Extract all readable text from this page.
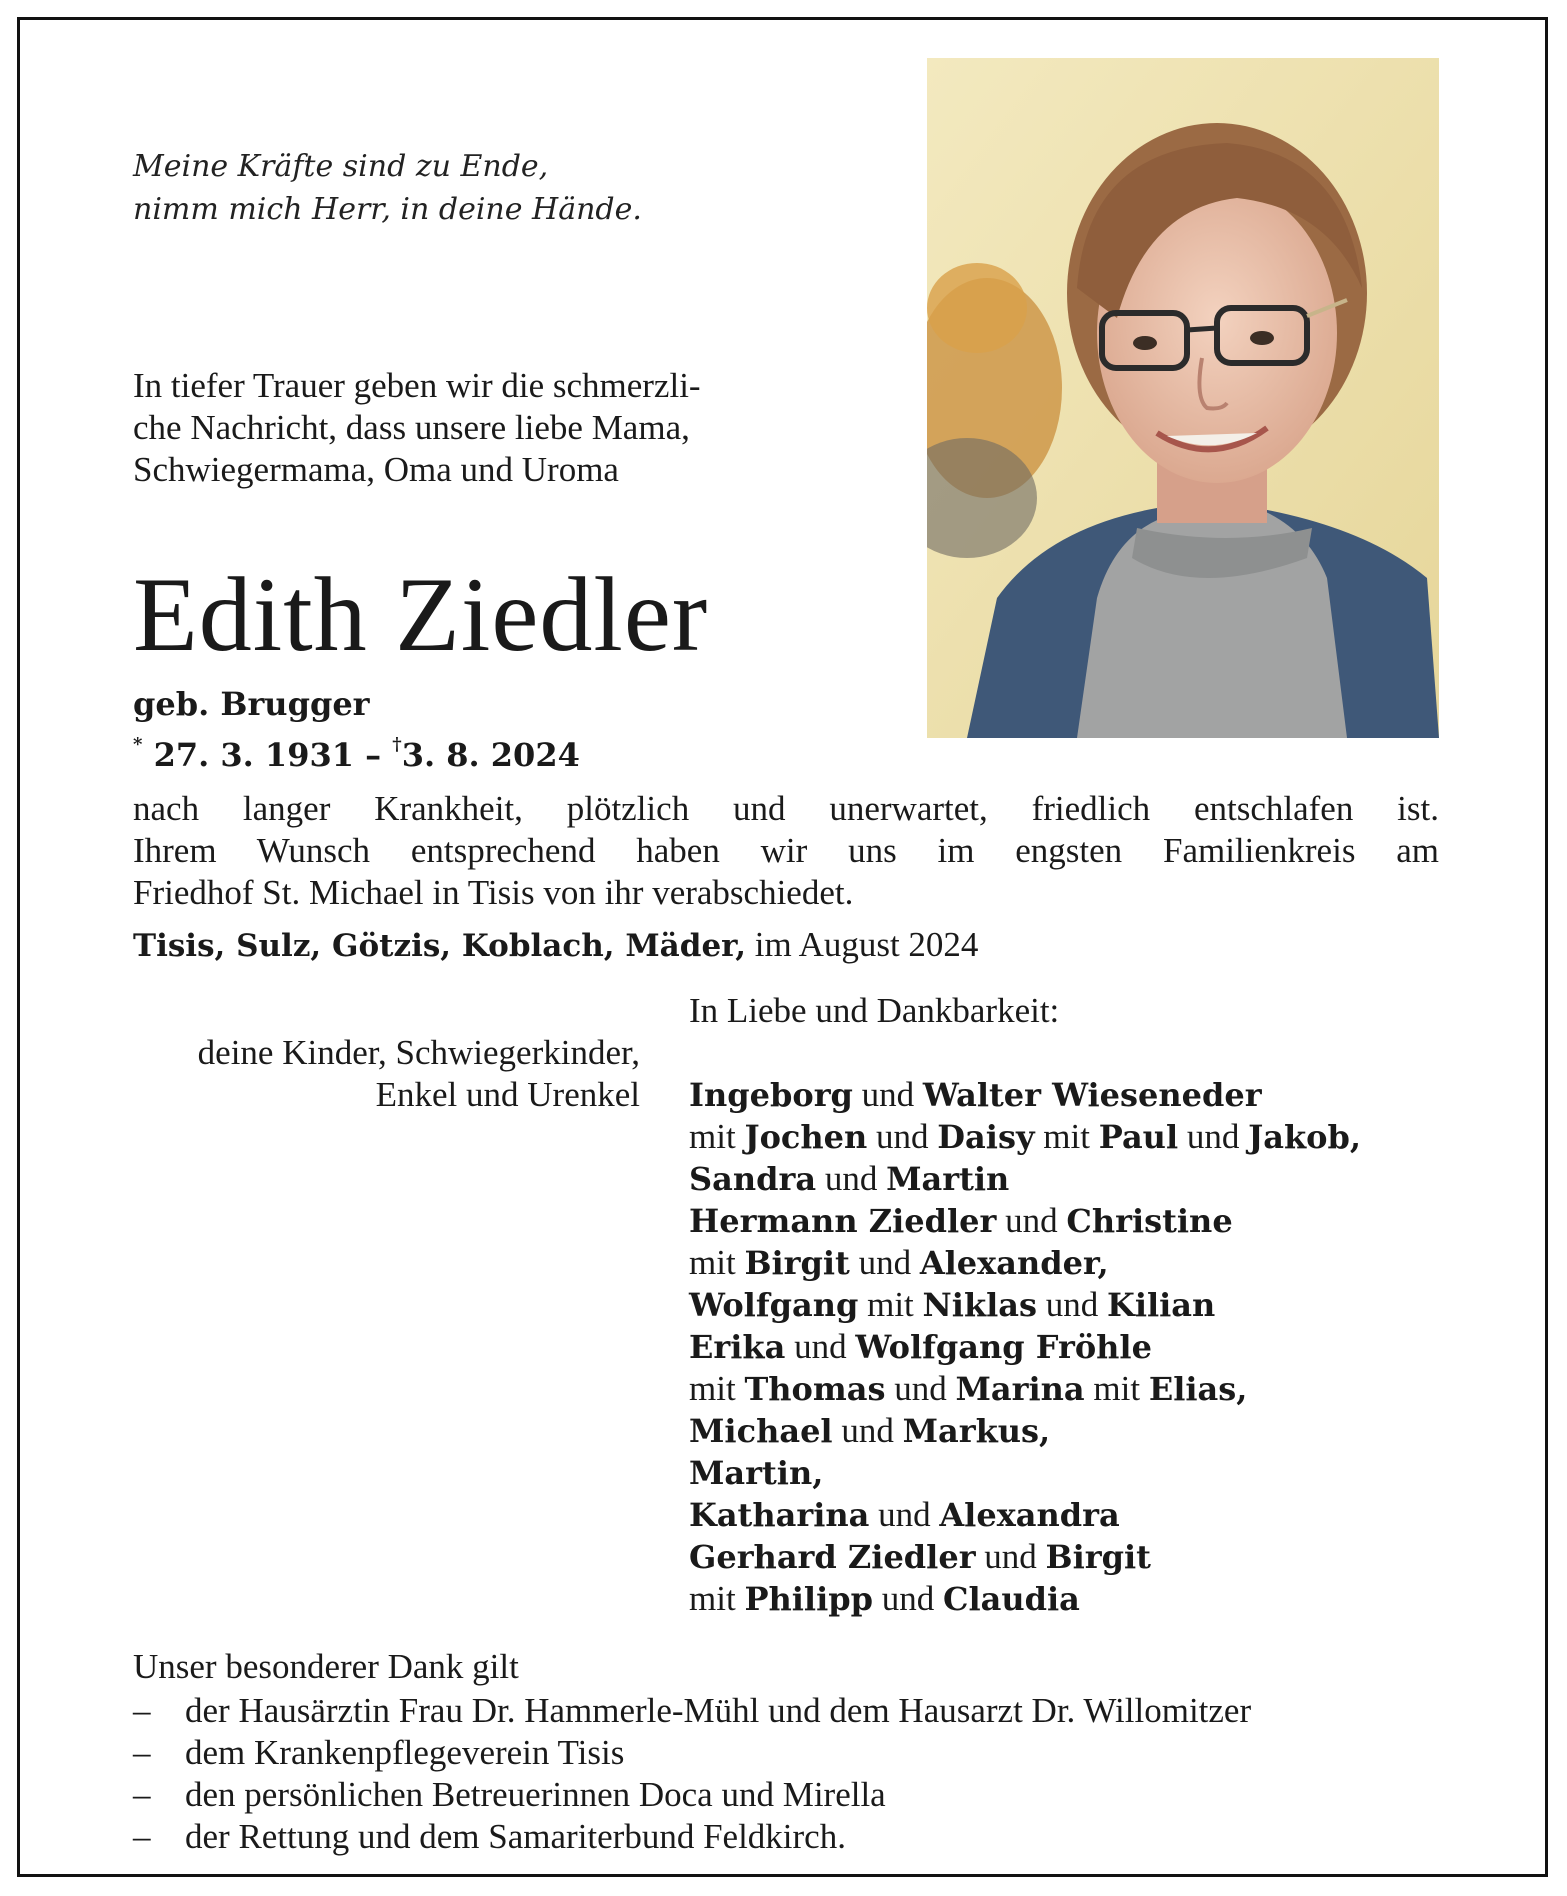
Meine Kräfte sind zu Ende,
nimm mich Herr, in deine Hände.
In tiefer Trauer geben wir die schmerzli-
che Nachricht, dass unsere liebe Mama,
Schwiegermama, Oma und Uroma
Edith Ziedler
geb. Brugger
* 27. 3. 1931 – †3. 8. 2024
nach langer Krankheit, plötzlich und unerwartet, friedlich entschlafen ist.
Ihrem Wunsch entsprechend haben wir uns im engsten Familienkreis am
Friedhof St. Michael in Tisis von ihr verabschiedet.
Tisis, Sulz, Götzis, Koblach, Mäder, im August 2024
In Liebe und Dankbarkeit:
deine Kinder, Schwiegerkinder,
Enkel und Urenkel Ingeborg und Walter Wieseneder
mit Jochen und Daisy mit Paul und Jakob,
Sandra und Martin
Hermann Ziedler und Christine
mit Birgit und Alexander,
Wolfgang mit Niklas und Kilian
Erika und Wolfgang Fröhle
mit Thomas und Marina mit Elias,
Michael und Markus,
Martin,
Katharina und Alexandra
Gerhard Ziedler und Birgit
mit Philipp und Claudia
Unser besonderer Dank gilt
– der Hausärztin Frau Dr. Hammerle-Mühl und dem Hausarzt Dr. Willomitzer
– dem Krankenpflegeverein Tisis
– den persönlichen Betreuerinnen Doca und Mirella
– der Rettung und dem Samariterbund Feldkirch.
